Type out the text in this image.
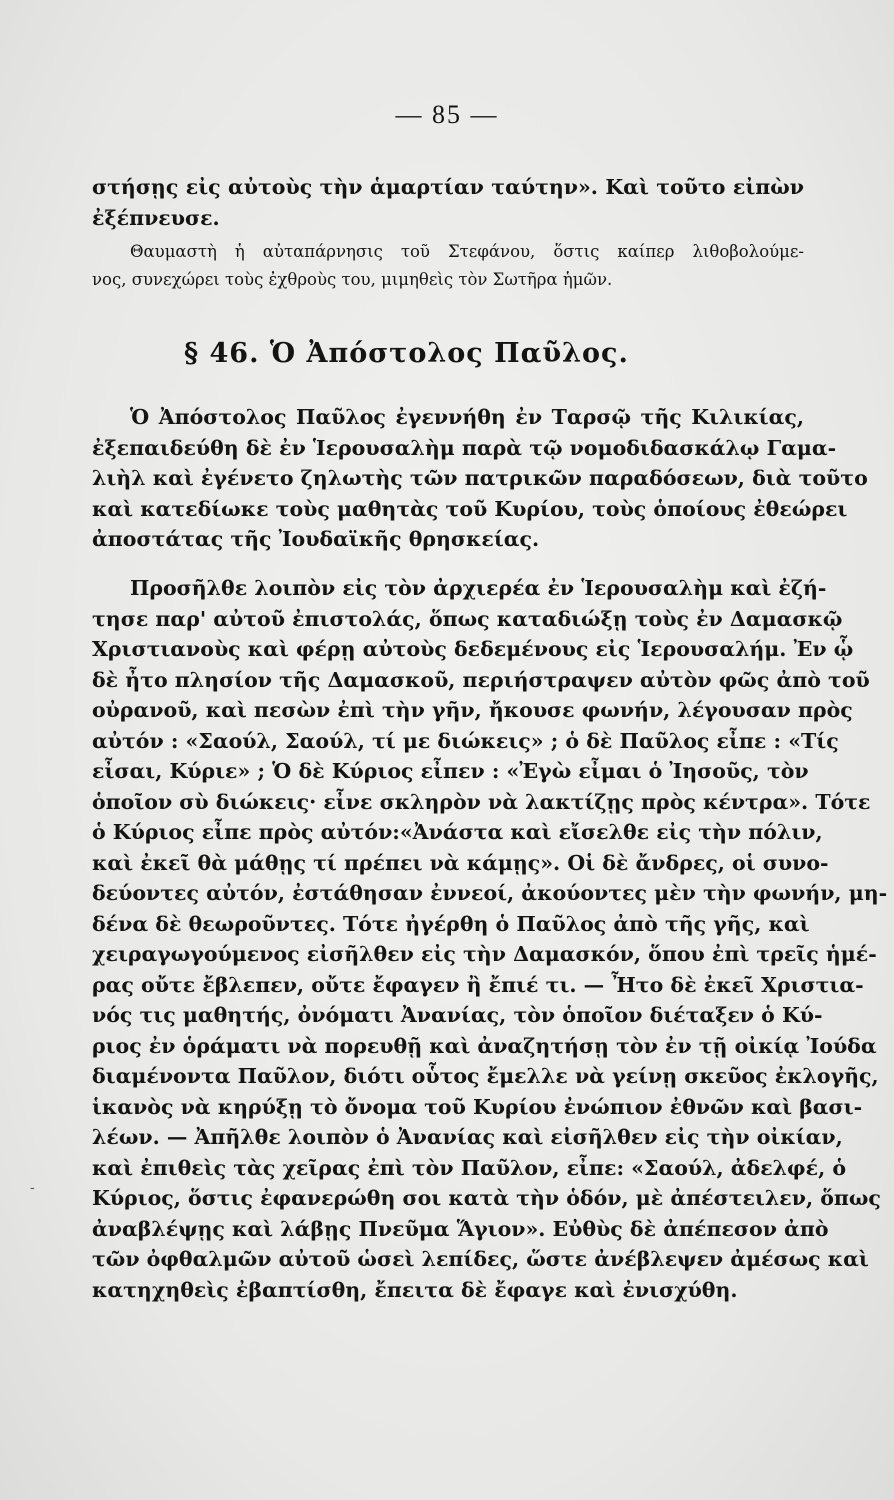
— 85 —
στήσῃς εἰς αὐτοὺς τὴν ἁμαρτίαν ταύτην». Καὶ τοῦτο εἰπὼν
ἐξέπνευσε.
Θαυμαστὴ ἡ αὐταπάρνησις τοῦ Στεφάνου, ὅστις καίπερ λιθοβολούμε-
νος, συνεχώρει τοὺς ἐχθροὺς του, μιμηθεὶς τὸν Σωτῆρα ἡμῶν.
§ 46. Ὁ Ἀπόστολος Παῦλος.
Ὁ Ἀπόστολος Παῦλος ἐγεννήθη ἐν Ταρσῷ τῆς Κιλικίας,
ἐξεπαιδεύθη δὲ ἐν Ἱερουσαλὴμ παρὰ τῷ νομοδιδασκάλῳ Γαμα-
λιὴλ καὶ ἐγένετο ζηλωτὴς τῶν πατρικῶν παραδόσεων, διὰ τοῦτο
καὶ κατεδίωκε τοὺς μαθητὰς τοῦ Κυρίου, τοὺς ὁποίους ἐθεώρει
ἀποστάτας τῆς Ἰουδαϊκῆς θρησκείας.
Προσῆλθε λοιπὸν εἰς τὸν ἀρχιερέα ἐν Ἱερουσαλὴμ καὶ ἐζή-
τησε παρ' αὐτοῦ ἐπιστολάς, ὅπως καταδιώξῃ τοὺς ἐν Δαμασκῷ
Χριστιανοὺς καὶ φέρῃ αὐτοὺς δεδεμένους εἰς Ἱερουσαλήμ. Ἐν ᾧ
δὲ ἦτο πλησίον τῆς Δαμασκοῦ, περιήστραψεν αὐτὸν φῶς ἀπὸ τοῦ
οὐρανοῦ, καὶ πεσὼν ἐπὶ τὴν γῆν, ἤκουσε φωνήν, λέγουσαν πρὸς
αὐτόν : «Σαούλ, Σαούλ, τί με διώκεις» ; ὁ δὲ Παῦλος εἶπε : «Τίς
εἶσαι, Κύριε» ; Ὁ δὲ Κύριος εἶπεν : «Ἐγὼ εἶμαι ὁ Ἰησοῦς, τὸν
ὁποῖον σὺ διώκεις· εἶνε σκληρὸν νὰ λακτίζῃς πρὸς κέντρα». Τότε
ὁ Κύριος εἶπε πρὸς αὐτόν:«Ἀνάστα καὶ εἴσελθε εἰς τὴν πόλιν,
καὶ ἐκεῖ θὰ μάθῃς τί πρέπει νὰ κάμῃς». Οἱ δὲ ἄνδρες, οἱ συνο-
δεύοντες αὐτόν, ἐστάθησαν ἐννεοί, ἀκούοντες μὲν τὴν φωνήν, μη-
δένα δὲ θεωροῦντες. Τότε ἠγέρθη ὁ Παῦλος ἀπὸ τῆς γῆς, καὶ
χειραγωγούμενος εἰσῆλθεν εἰς τὴν Δαμασκόν, ὅπου ἐπὶ τρεῖς ἡμέ-
ρας οὔτε ἔβλεπεν, οὔτε ἔφαγεν ἢ ἔπιέ τι. — Ἦτο δὲ ἐκεῖ Χριστια-
νός τις μαθητής, ὀνόματι Ἀνανίας, τὸν ὁποῖον διέταξεν ὁ Κύ-
ριος ἐν ὁράματι νὰ πορευθῇ καὶ ἀναζητήσῃ τὸν ἐν τῇ οἰκίᾳ Ἰούδα
διαμένοντα Παῦλον, διότι οὗτος ἔμελλε νὰ γείνῃ σκεῦος ἐκλογῆς,
ἱκανὸς νὰ κηρύξῃ τὸ ὄνομα τοῦ Κυρίου ἐνώπιον ἐθνῶν καὶ βασι-
λέων. — Ἀπῆλθε λοιπὸν ὁ Ἀνανίας καὶ εἰσῆλθεν εἰς τὴν οἰκίαν,
καὶ ἐπιθεὶς τὰς χεῖρας ἐπὶ τὸν Παῦλον, εἶπε: «Σαούλ, ἀδελφέ, ὁ
Κύριος, ὅστις ἐφανερώθη σοι κατὰ τὴν ὁδόν, μὲ ἀπέστειλεν, ὅπως
ἀναβλέψῃς καὶ λάβῃς Πνεῦμα Ἅγιον». Εὐθὺς δὲ ἀπέπεσον ἀπὸ
τῶν ὀφθαλμῶν αὐτοῦ ὡσεὶ λεπίδες, ὥστε ἀνέβλεψεν ἀμέσως καὶ
κατηχηθεὶς ἐβαπτίσθη, ἔπειτα δὲ ἔφαγε καὶ ἐνισχύθη.
-
